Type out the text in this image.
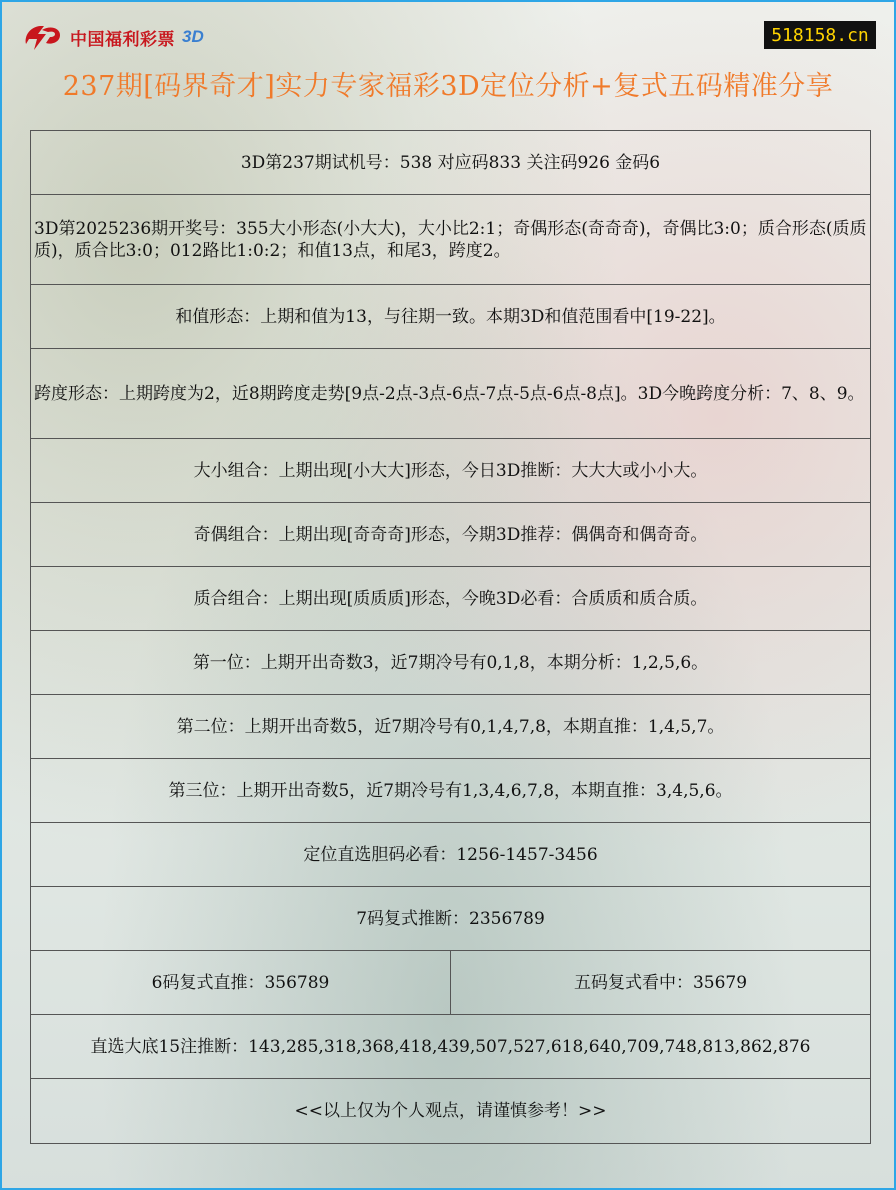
中国福利彩票 3D	518158.cn
237期[码界奇才]实力专家福彩3D定位分析+复式五码精准分享
3D第237期试机号：538 对应码833 关注码926 金码6
3D第2025236期开奖号：355大小形态(小大大)，大小比2:1；奇偶形态(奇奇奇)，奇偶比3:0；质合形态(质质质)，质合比3:0；012路比1:0:2；和值13点，和尾3，跨度2。
和值形态：上期和值为13，与往期一致。本期3D和值范围看中[19-22]。
跨度形态：上期跨度为2，近8期跨度走势[9点-2点-3点-6点-7点-5点-6点-8点]。3D今晚跨度分析：7、8、9。
大小组合：上期出现[小大大]形态，今日3D推断：大大大或小小大。
奇偶组合：上期出现[奇奇奇]形态，今期3D推荐：偶偶奇和偶奇奇。
质合组合：上期出现[质质质]形态，今晚3D必看：合质质和质合质。
第一位：上期开出奇数3，近7期冷号有0,1,8，本期分析：1,2,5,6。
第二位：上期开出奇数5，近7期冷号有0,1,4,7,8，本期直推：1,4,5,7。
第三位：上期开出奇数5，近7期冷号有1,3,4,6,7,8，本期直推：3,4,5,6。
定位直选胆码必看：1256-1457-3456
7码复式推断：2356789
6码复式直推：356789	五码复式看中：35679
直选大底15注推断：143,285,318,368,418,439,507,527,618,640,709,748,813,862,876
<<以上仅为个人观点，请谨慎参考！>>
